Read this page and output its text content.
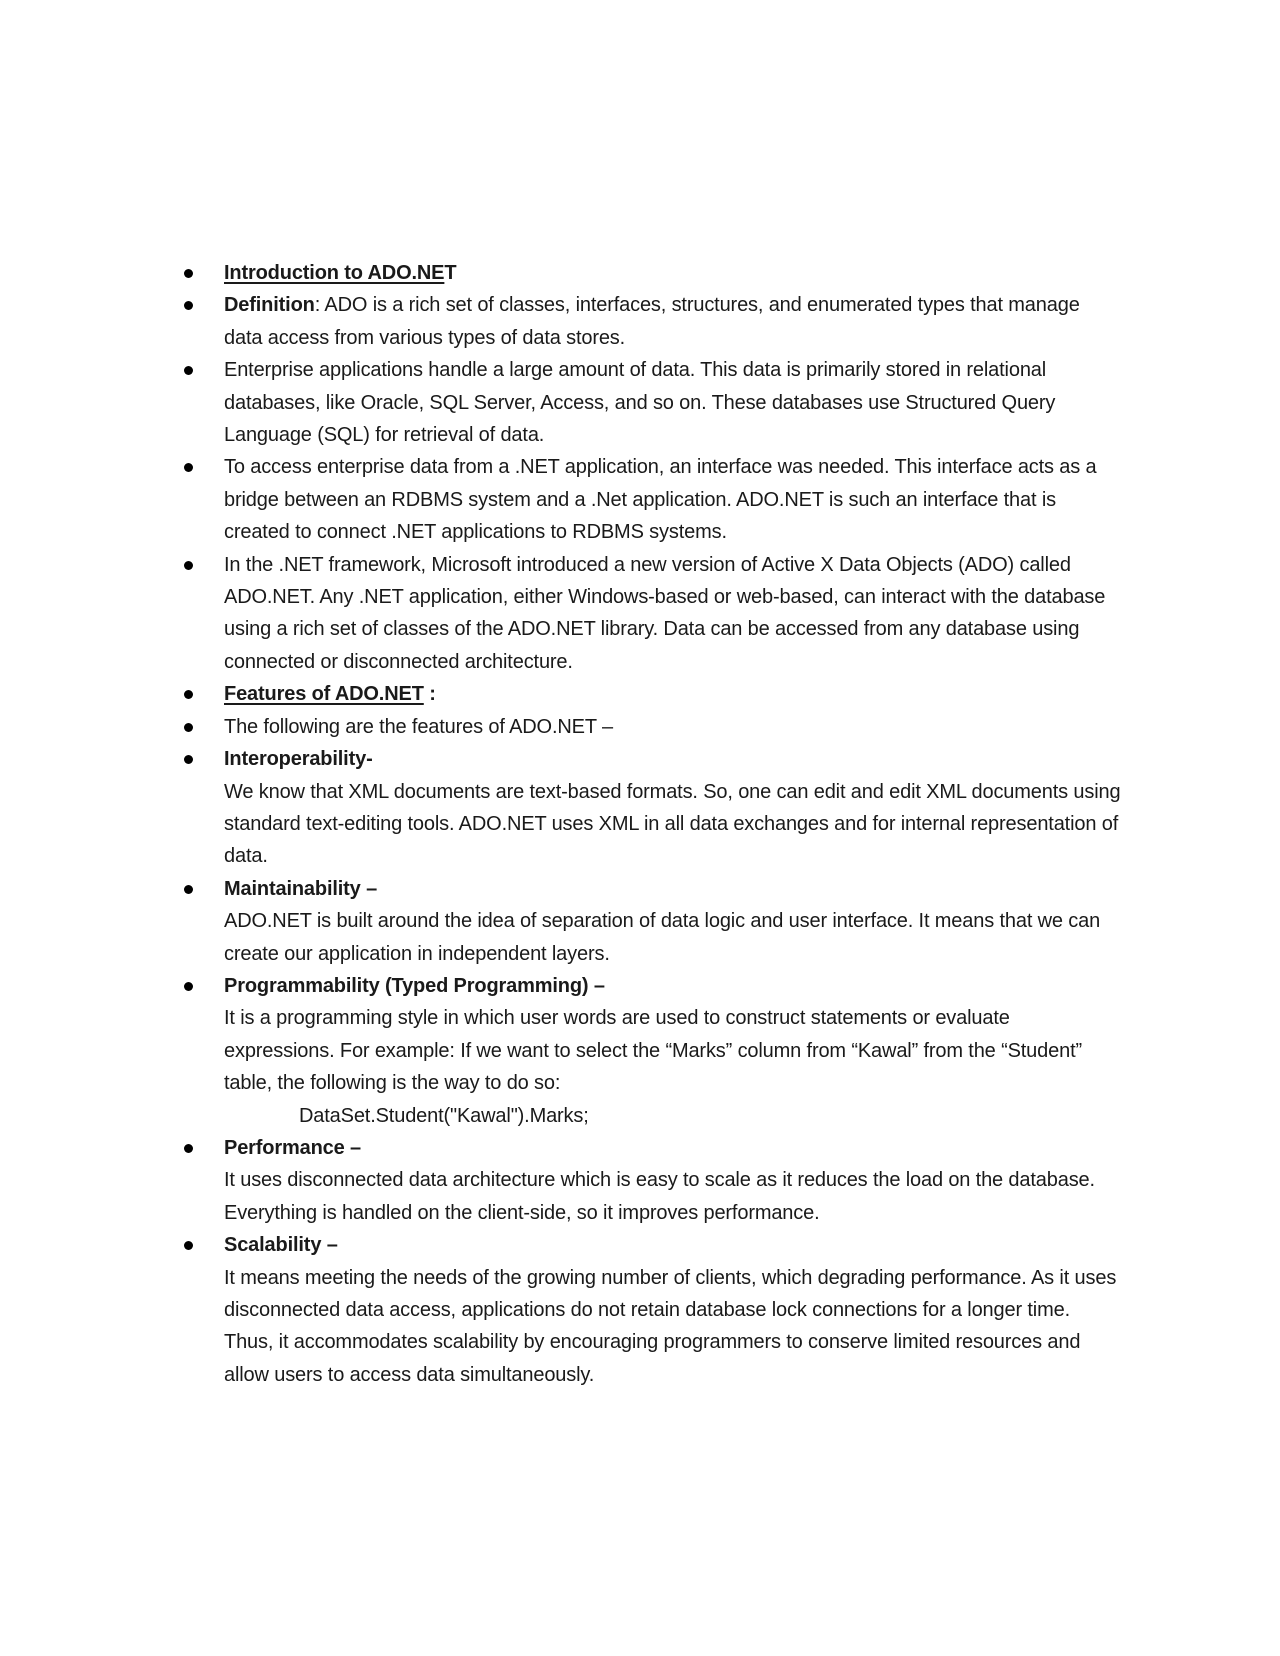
Introduction to ADO.NET
Definition: ADO is a rich set of classes, interfaces, structures, and enumerated types that manage data access from various types of data stores.
Enterprise applications handle a large amount of data. This data is primarily stored in relational databases, like Oracle, SQL Server, Access, and so on. These databases use Structured Query Language (SQL) for retrieval of data.
To access enterprise data from a .NET application, an interface was needed. This interface acts as a bridge between an RDBMS system and a .Net application. ADO.NET is such an interface that is created to connect .NET applications to RDBMS systems.
In the .NET framework, Microsoft introduced a new version of Active X Data Objects (ADO) called ADO.NET. Any .NET application, either Windows-based or web-based, can interact with the database using a rich set of classes of the ADO.NET library. Data can be accessed from any database using connected or disconnected architecture.
Features of ADO.NET :
The following are the features of ADO.NET –
Interoperability-
We know that XML documents are text-based formats. So, one can edit and edit XML documents using standard text-editing tools. ADO.NET uses XML in all data exchanges and for internal representation of data.
Maintainability –
ADO.NET is built around the idea of separation of data logic and user interface. It means that we can create our application in independent layers.
Programmability (Typed Programming) –
It is a programming style in which user words are used to construct statements or evaluate expressions. For example: If we want to select the “Marks” column from “Kawal” from the “Student” table, the following is the way to do so:
DataSet.Student("Kawal").Marks;
Performance –
It uses disconnected data architecture which is easy to scale as it reduces the load on the database. Everything is handled on the client-side, so it improves performance.
Scalability –
It means meeting the needs of the growing number of clients, which degrading performance. As it uses disconnected data access, applications do not retain database lock connections for a longer time. Thus, it accommodates scalability by encouraging programmers to conserve limited resources and allow users to access data simultaneously.
